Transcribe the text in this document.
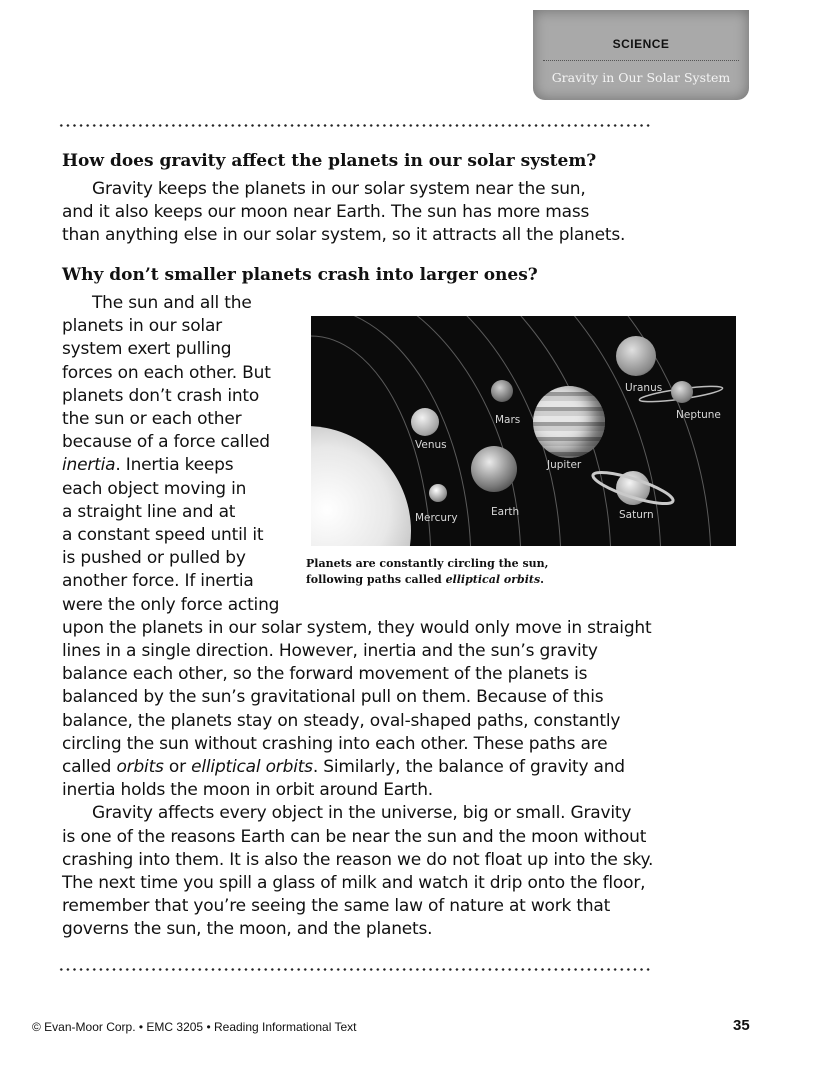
SCIENCE
Gravity in Our Solar System
How does gravity affect the planets in our solar system?
Gravity keeps the planets in our solar system near the sun,
and it also keeps our moon near Earth. The sun has more mass
than anything else in our solar system, so it attracts all the planets.
Why don’t smaller planets crash into larger ones?
The sun and all the
planets in our solar
system exert pulling
forces on each other. But
planets don’t crash into
the sun or each other
because of a force called
inertia. Inertia keeps
each object moving in
a straight line and at
a constant speed until it
is pushed or pulled by
another force. If inertia
were the only force acting
upon the planets in our solar system, they would only move in straight
lines in a single direction. However, inertia and the sun’s gravity
balance each other, so the forward movement of the planets is
balanced by the sun’s gravitational pull on them. Because of this
balance, the planets stay on steady, oval-shaped paths, constantly
circling the sun without crashing into each other. These paths are
called orbits or elliptical orbits. Similarly, the balance of gravity and
inertia holds the moon in orbit around Earth.
Gravity affects every object in the universe, big or small. Gravity
is one of the reasons Earth can be near the sun and the moon without
crashing into them. It is also the reason we do not float up into the sky.
The next time you spill a glass of milk and watch it drip onto the floor,
remember that you’re seeing the same law of nature at work that
governs the sun, the moon, and the planets.
Venus
Mercury
Mars
Earth
Jupiter
Saturn
Uranus
Neptune

Planets are constantly circling the sun,
following paths called elliptical orbits.

© Evan-Moor Corp. • EMC 3205 • Reading Informational Text	35
